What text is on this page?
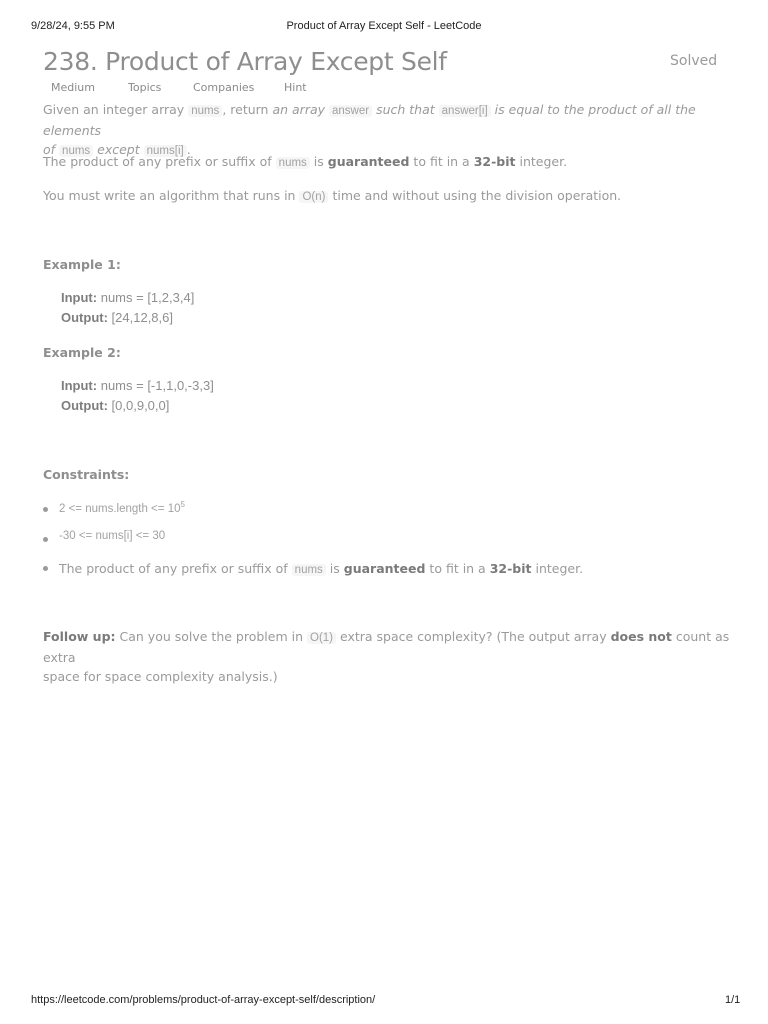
9/28/24, 9:55 PM	Product of Array Except Self - LeetCode
238. Product of Array Except Self	Solved
Medium	Topics	Companies	Hint
Given an integer array nums , return an array answer such that answer[i] is equal to the product of all the elements
of nums except nums[i] .
The product of any prefix or suffix of nums is guaranteed to fit in a 32-bit integer.
You must write an algorithm that runs in O(n) time and without using the division operation.
Example 1:
Input: nums = [1,2,3,4]
Output: [24,12,8,6]
Example 2:
Input: nums = [-1,1,0,-3,3]
Output: [0,0,9,0,0]
Constraints:
2 <= nums.length <= $10^5$
-30 <= nums[i] <= 30
The product of any prefix or suffix of nums is guaranteed to fit in a 32-bit integer.
Follow up: Can you solve the problem in O(1) extra space complexity? (The output array does not count as extra
space for space complexity analysis.)
https://leetcode.com/problems/product-of-array-except-self/description/	1/1
